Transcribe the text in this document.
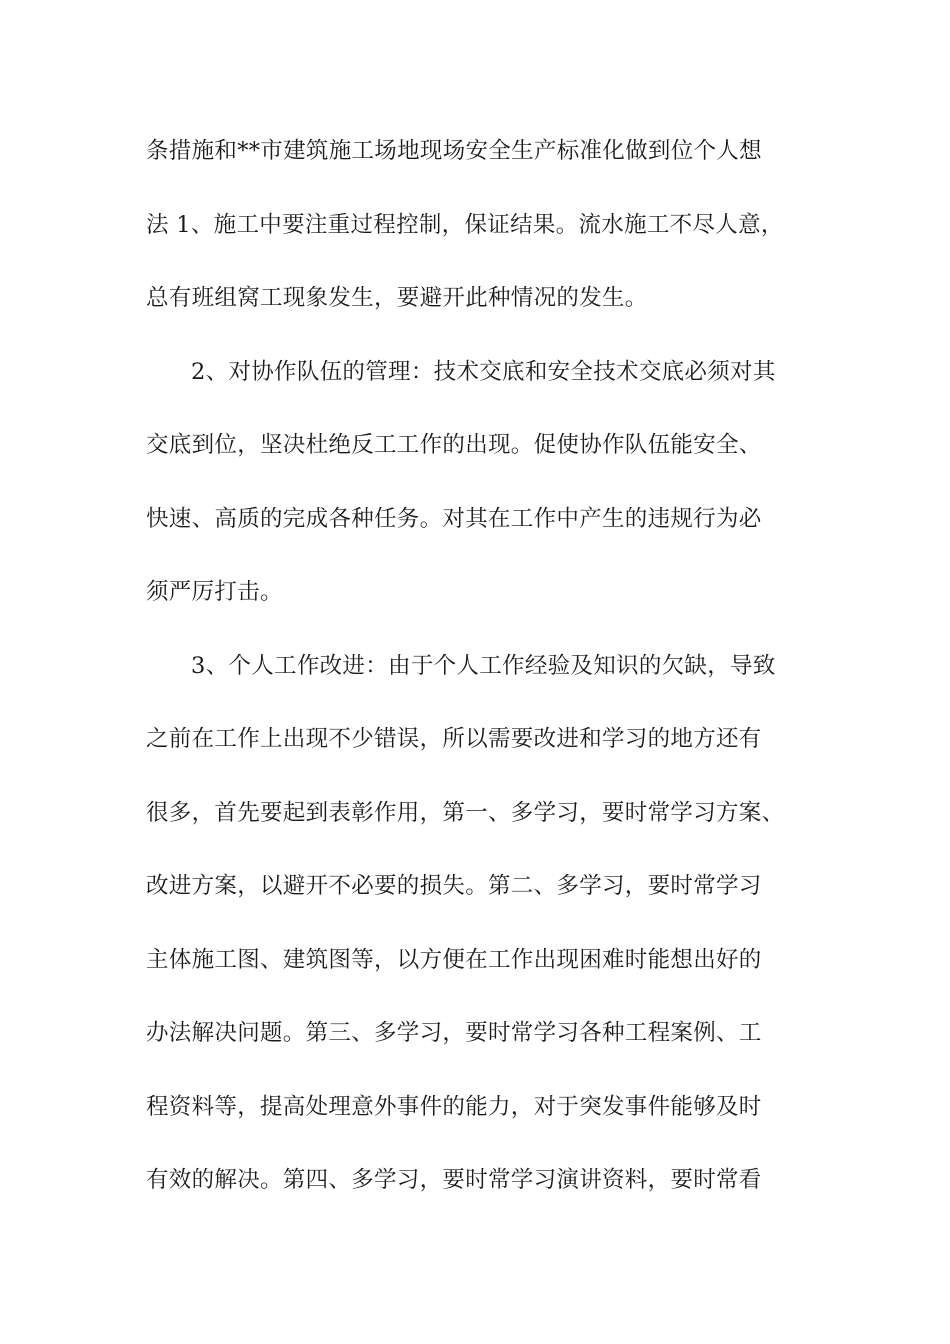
条措施和**市建筑施工场地现场安全生产标准化做到位个人想
法 1、施工中要注重过程控制，保证结果。流水施工不尽人意，
总有班组窝工现象发生，要避开此种情况的发生。
2、对协作队伍的管理：技术交底和安全技术交底必须对其
交底到位，坚决杜绝反工工作的出现。促使协作队伍能安全、
快速、高质的完成各种任务。对其在工作中产生的违规行为必
须严厉打击。
3、个人工作改进：由于个人工作经验及知识的欠缺，导致
之前在工作上出现不少错误，所以需要改进和学习的地方还有
很多，首先要起到表彰作用，第一、多学习，要时常学习方案、
改进方案，以避开不必要的损失。第二、多学习，要时常学习
主体施工图、建筑图等，以方便在工作出现困难时能想出好的
办法解决问题。第三、多学习，要时常学习各种工程案例、工
程资料等，提高处理意外事件的能力，对于突发事件能够及时
有效的解决。第四、多学习，要时常学习演讲资料，要时常看
